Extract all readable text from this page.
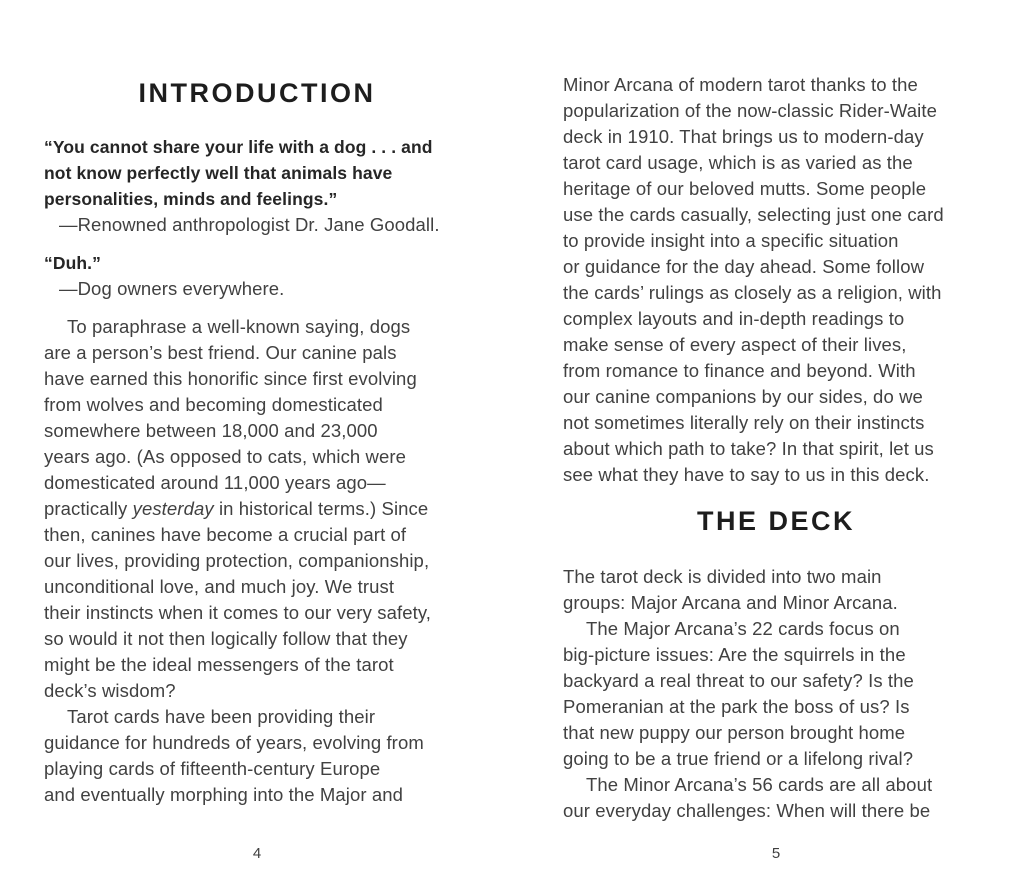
INTRODUCTION
“You cannot share your life with a dog . . . and
not know perfectly well that animals have
personalities, minds and feelings.”
—Renowned anthropologist Dr. Jane Goodall.
“Duh.”
—Dog owners everywhere.
To paraphrase a well-known saying, dogs
are a person’s best friend. Our canine pals
have earned this honorific since first evolving
from wolves and becoming domesticated
somewhere between 18,000 and 23,000
years ago. (As opposed to cats, which were
domesticated around 11,000 years ago—
practically yesterday in historical terms.) Since
then, canines have become a crucial part of
our lives, providing protection, companionship,
unconditional love, and much joy. We trust
their instincts when it comes to our very safety,
so would it not then logically follow that they
might be the ideal messengers of the tarot
deck’s wisdom?
Tarot cards have been providing their
guidance for hundreds of years, evolving from
playing cards of fifteenth-century Europe
and eventually morphing into the Major and
4
Minor Arcana of modern tarot thanks to the
popularization of the now-classic Rider-Waite
deck in 1910. That brings us to modern-day
tarot card usage, which is as varied as the
heritage of our beloved mutts. Some people
use the cards casually, selecting just one card
to provide insight into a specific situation
or guidance for the day ahead. Some follow
the cards’ rulings as closely as a religion, with
complex layouts and in-depth readings to
make sense of every aspect of their lives,
from romance to finance and beyond. With
our canine companions by our sides, do we
not sometimes literally rely on their instincts
about which path to take? In that spirit, let us
see what they have to say to us in this deck.
THE DECK
The tarot deck is divided into two main
groups: Major Arcana and Minor Arcana.
The Major Arcana’s 22 cards focus on
big-picture issues: Are the squirrels in the
backyard a real threat to our safety? Is the
Pomeranian at the park the boss of us? Is
that new puppy our person brought home
going to be a true friend or a lifelong rival?
The Minor Arcana’s 56 cards are all about
our everyday challenges: When will there be
5
